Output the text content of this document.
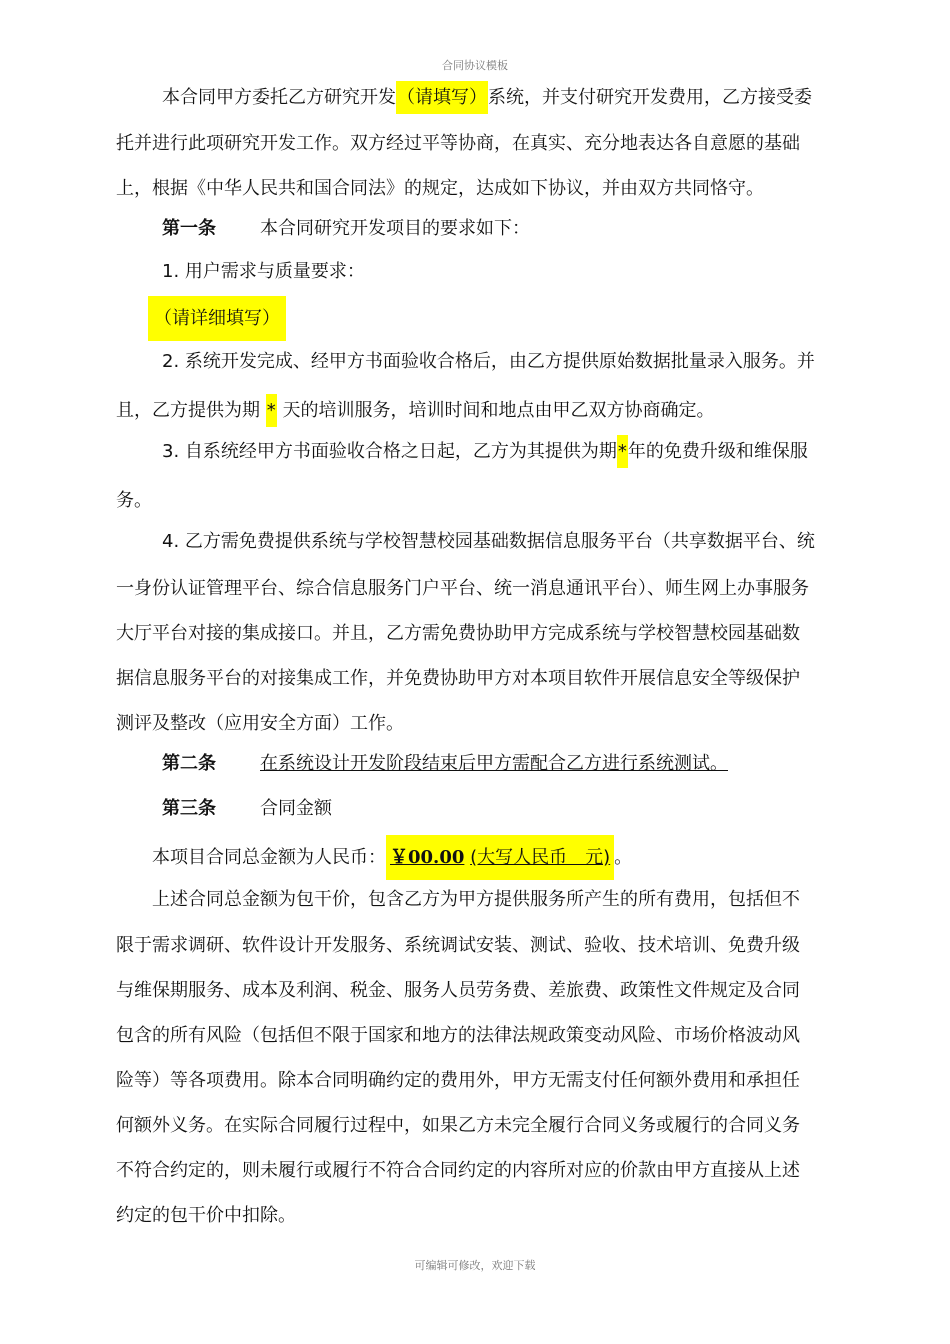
合同协议模板
本合同甲方委托乙方研究开发（请填写）系统，并支付研究开发费用，乙方接受委
托并进行此项研究开发工作。双方经过平等协商，在真实、充分地表达各自意愿的基础
上，根据《中华人民共和国合同法》的规定，达成如下协议，并由双方共同恪守。
第一条 本合同研究开发项目的要求如下：
1. 用户需求与质量要求：
（请详细填写）
2. 系统开发完成、经甲方书面验收合格后，由乙方提供原始数据批量录入服务。并
且，乙方提供为期 * 天的培训服务，培训时间和地点由甲乙双方协商确定。
3. 自系统经甲方书面验收合格之日起，乙方为其提供为期*年的免费升级和维保服
务。
4. 乙方需免费提供系统与学校智慧校园基础数据信息服务平台（共享数据平台、统
一身份认证管理平台、综合信息服务门户平台、统一消息通讯平台）、师生网上办事服务
大厅平台对接的集成接口。并且，乙方需免费协助甲方完成系统与学校智慧校园基础数
据信息服务平台的对接集成工作，并免费协助甲方对本项目软件开展信息安全等级保护
测评及整改（应用安全方面）工作。
第二条 在系统设计开发阶段结束后甲方需配合乙方进行系统测试。
第三条 合同金额
本项目合同总金额为人民币： ￥00.00 (大写人民币　元) 。
上述合同总金额为包干价，包含乙方为甲方提供服务所产生的所有费用，包括但不
限于需求调研、软件设计开发服务、系统调试安装、测试、验收、技术培训、免费升级
与维保期服务、成本及利润、税金、服务人员劳务费、差旅费、政策性文件规定及合同
包含的所有风险（包括但不限于国家和地方的法律法规政策变动风险、市场价格波动风
险等）等各项费用。除本合同明确约定的费用外，甲方无需支付任何额外费用和承担任
何额外义务。在实际合同履行过程中，如果乙方未完全履行合同义务或履行的合同义务
不符合约定的，则未履行或履行不符合合同约定的内容所对应的价款由甲方直接从上述
约定的包干价中扣除。
可编辑可修改，欢迎下载
